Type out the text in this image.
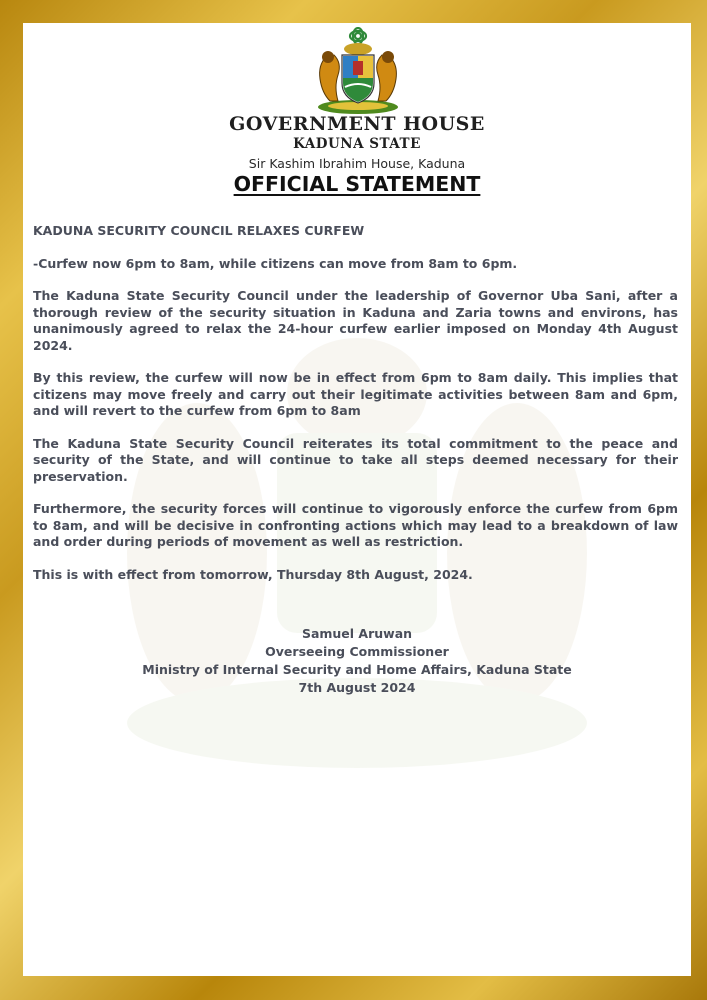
GOVERNMENT HOUSE
KADUNA STATE
Sir Kashim Ibrahim House, Kaduna
OFFICIAL STATEMENT

KADUNA SECURITY COUNCIL RELAXES CURFEW

-Curfew now 6pm to 8am, while citizens can move from 8am to 6pm.

The Kaduna State Security Council under the leadership of Governor Uba Sani, after a thorough review of the security situation in Kaduna and Zaria towns and environs, has unanimously agreed to relax the 24-hour curfew earlier imposed on Monday 4th August 2024.

By this review, the curfew will now be in effect from 6pm to 8am daily. This implies that citizens may move freely and carry out their legitimate activities between 8am and 6pm, and will revert to the curfew from 6pm to 8am

The Kaduna State Security Council reiterates its total commitment to the peace and security of the State, and will continue to take all steps deemed necessary for their preservation.

Furthermore, the security forces will continue to vigorously enforce the curfew from 6pm to 8am, and will be decisive in confronting actions which may lead to a breakdown of law and order during periods of movement as well as restriction.

This is with effect from tomorrow, Thursday 8th August, 2024.

Samuel Aruwan
Overseeing Commissioner
Ministry of Internal Security and Home Affairs, Kaduna State
7th August 2024
